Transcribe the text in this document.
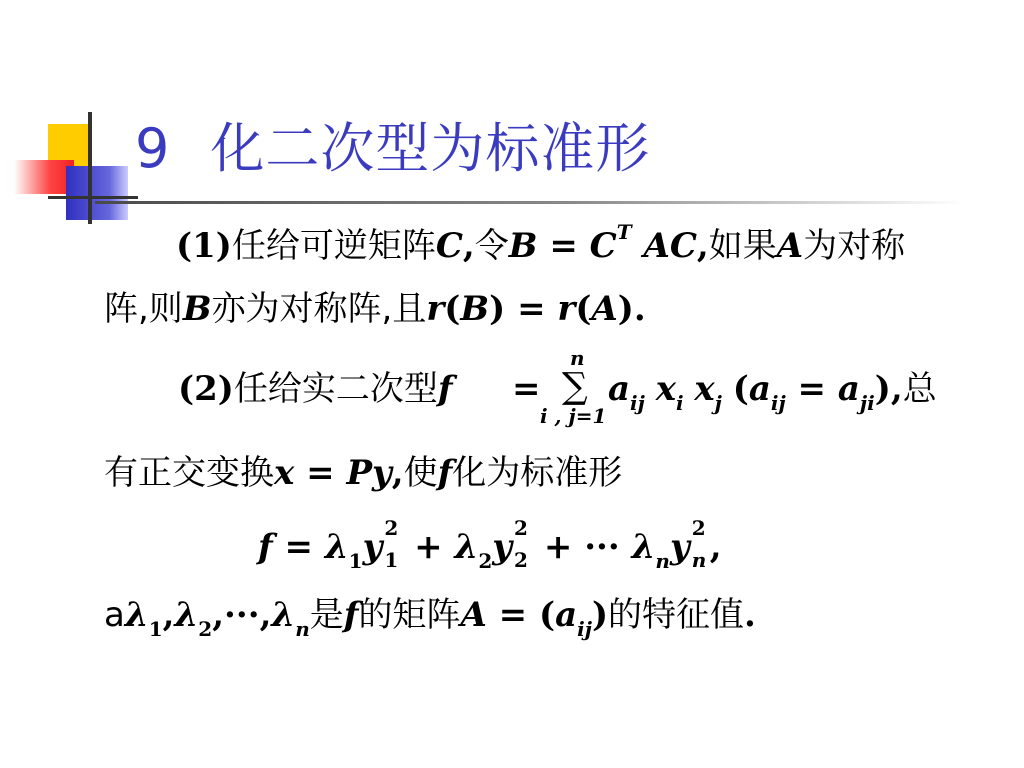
9 化二次型为标准形
(1)任给可逆矩阵C,令$B = C^T$ AC,如果A为对称
阵,则B亦为对称阵,且r(B) = r(A).
(2)任给实二次型f =
n
∑
i , j=1
$a_{ij}$ $x_i$ $x_j$ $(a_{ij} = a_{ji})$,总
有正交变换x = Py,使f化为标准形
$f = \lambda_1y$ 2
$1 + \lambda_2y$ 2
2 + ··· $\lambda_ny$ 2
n ,
$a\lambda_1,\lambda_2,\cdot\cdot\cdot,\lambda_n$是f的矩阵$A = (a_{ij})$的特征值.
